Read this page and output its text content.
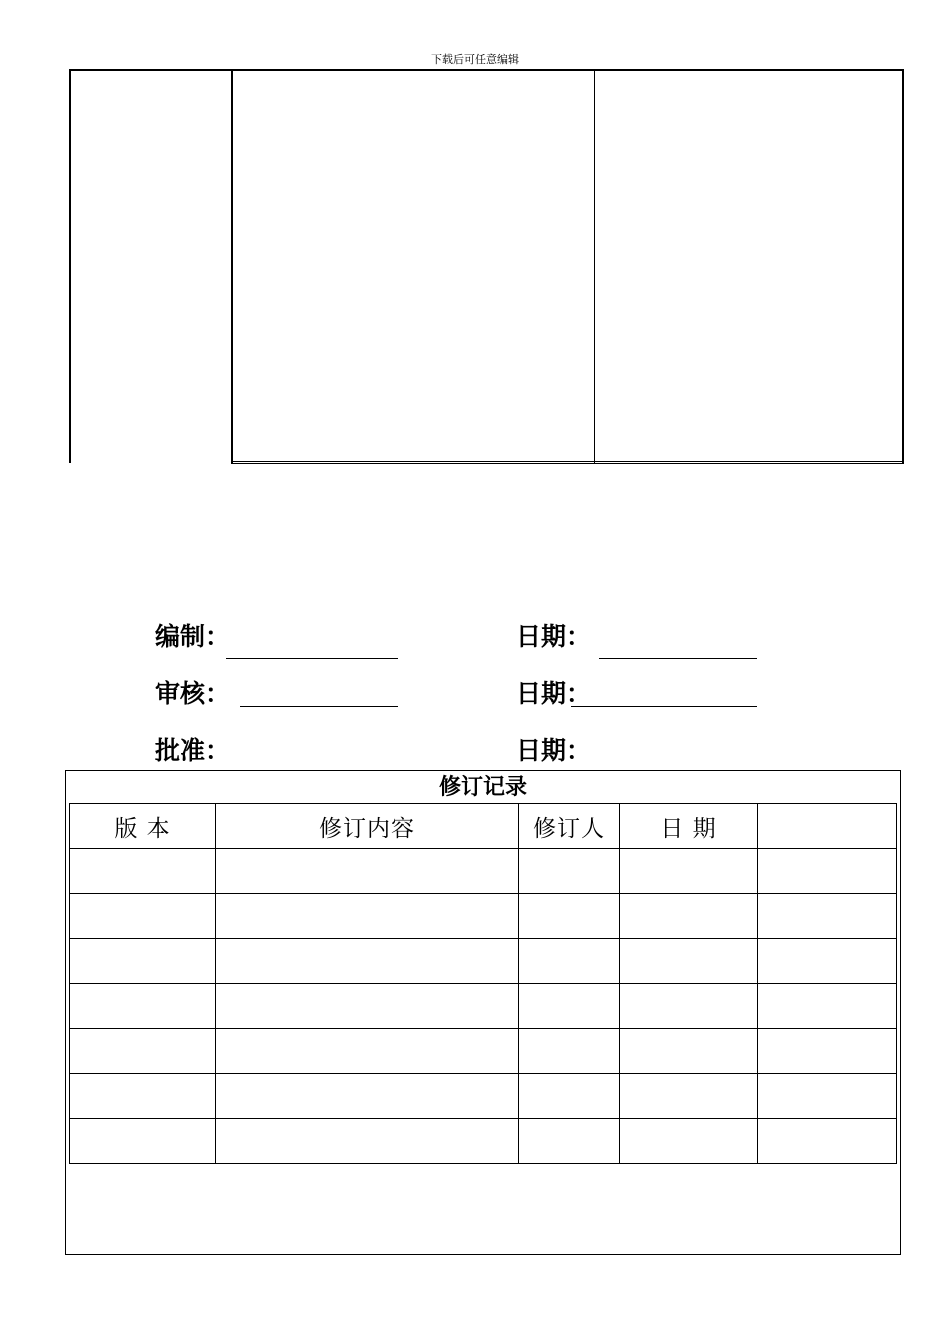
下载后可任意编辑
编制：	日期：
审核：	日期：
批准：	日期：
修订记录
版 本	修订内容	修订人	日 期	
